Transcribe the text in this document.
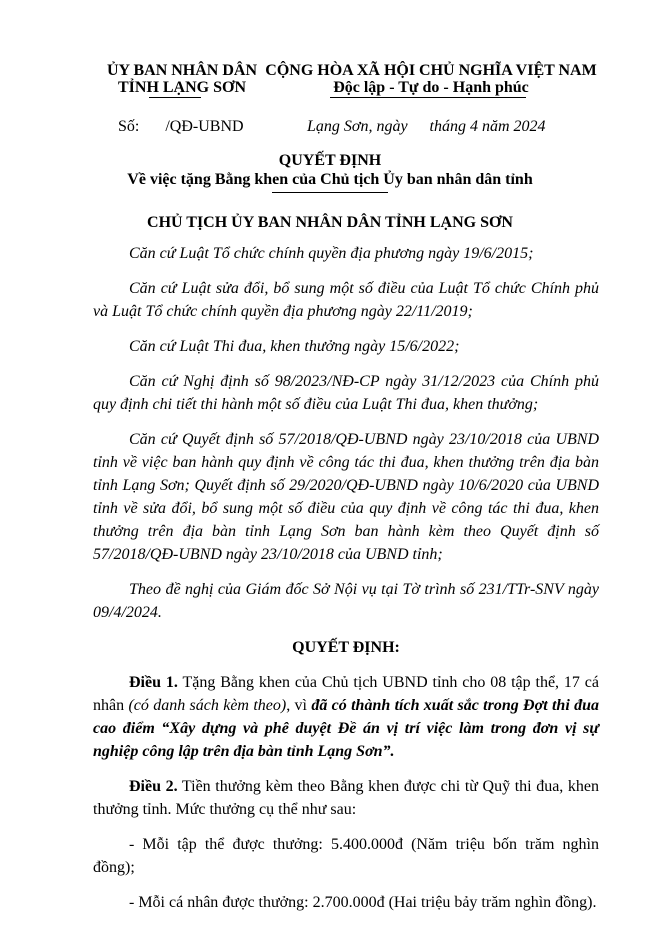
ỦY BAN NHÂN DÂN
TỈNH LẠNG SƠN
CỘNG HÒA XÃ HỘI CHỦ NGHĨA VIỆT NAM
Độc lập - Tự do - Hạnh phúc
Số: /QĐ-UBND	Lạng Sơn, ngày tháng 4 năm 2024
QUYẾT ĐỊNH
Về việc tặng Bằng khen của Chủ tịch Ủy ban nhân dân tỉnh
CHỦ TỊCH ỦY BAN NHÂN DÂN TỈNH LẠNG SƠN

Căn cứ Luật Tổ chức chính quyền địa phương ngày 19/6/2015;

Căn cứ Luật sửa đổi, bổ sung một số điều của Luật Tổ chức Chính phủ và Luật Tổ chức chính quyền địa phương ngày 22/11/2019;

Căn cứ Luật Thi đua, khen thưởng ngày 15/6/2022;

Căn cứ Nghị định số 98/2023/NĐ-CP ngày 31/12/2023 của Chính phủ quy định chi tiết thi hành một số điều của Luật Thi đua, khen thưởng;

Căn cứ Quyết định số 57/2018/QĐ-UBND ngày 23/10/2018 của UBND tỉnh về việc ban hành quy định về công tác thi đua, khen thưởng trên địa bàn tỉnh Lạng Sơn; Quyết định số 29/2020/QĐ-UBND ngày 10/6/2020 của UBND tỉnh về sửa đổi, bổ sung một số điều của quy định về công tác thi đua, khen thưởng trên địa bàn tỉnh Lạng Sơn ban hành kèm theo Quyết định số 57/2018/QĐ-UBND ngày 23/10/2018 của UBND tỉnh;

Theo đề nghị của Giám đốc Sở Nội vụ tại Tờ trình số 231/TTr-SNV ngày 09/4/2024.

QUYẾT ĐỊNH:

Điều 1. Tặng Bằng khen của Chủ tịch UBND tỉnh cho 08 tập thể, 17 cá nhân (có danh sách kèm theo), vì đã có thành tích xuất sắc trong Đợt thi đua cao điểm “Xây dựng và phê duyệt Đề án vị trí việc làm trong đơn vị sự nghiệp công lập trên địa bàn tỉnh Lạng Sơn”.

Điều 2. Tiền thưởng kèm theo Bằng khen được chi từ Quỹ thi đua, khen thưởng tỉnh. Mức thưởng cụ thể như sau:

- Mỗi tập thể được thưởng: 5.400.000đ (Năm triệu bốn trăm nghìn đồng);

- Mỗi cá nhân được thưởng: 2.700.000đ (Hai triệu bảy trăm nghìn đồng).
